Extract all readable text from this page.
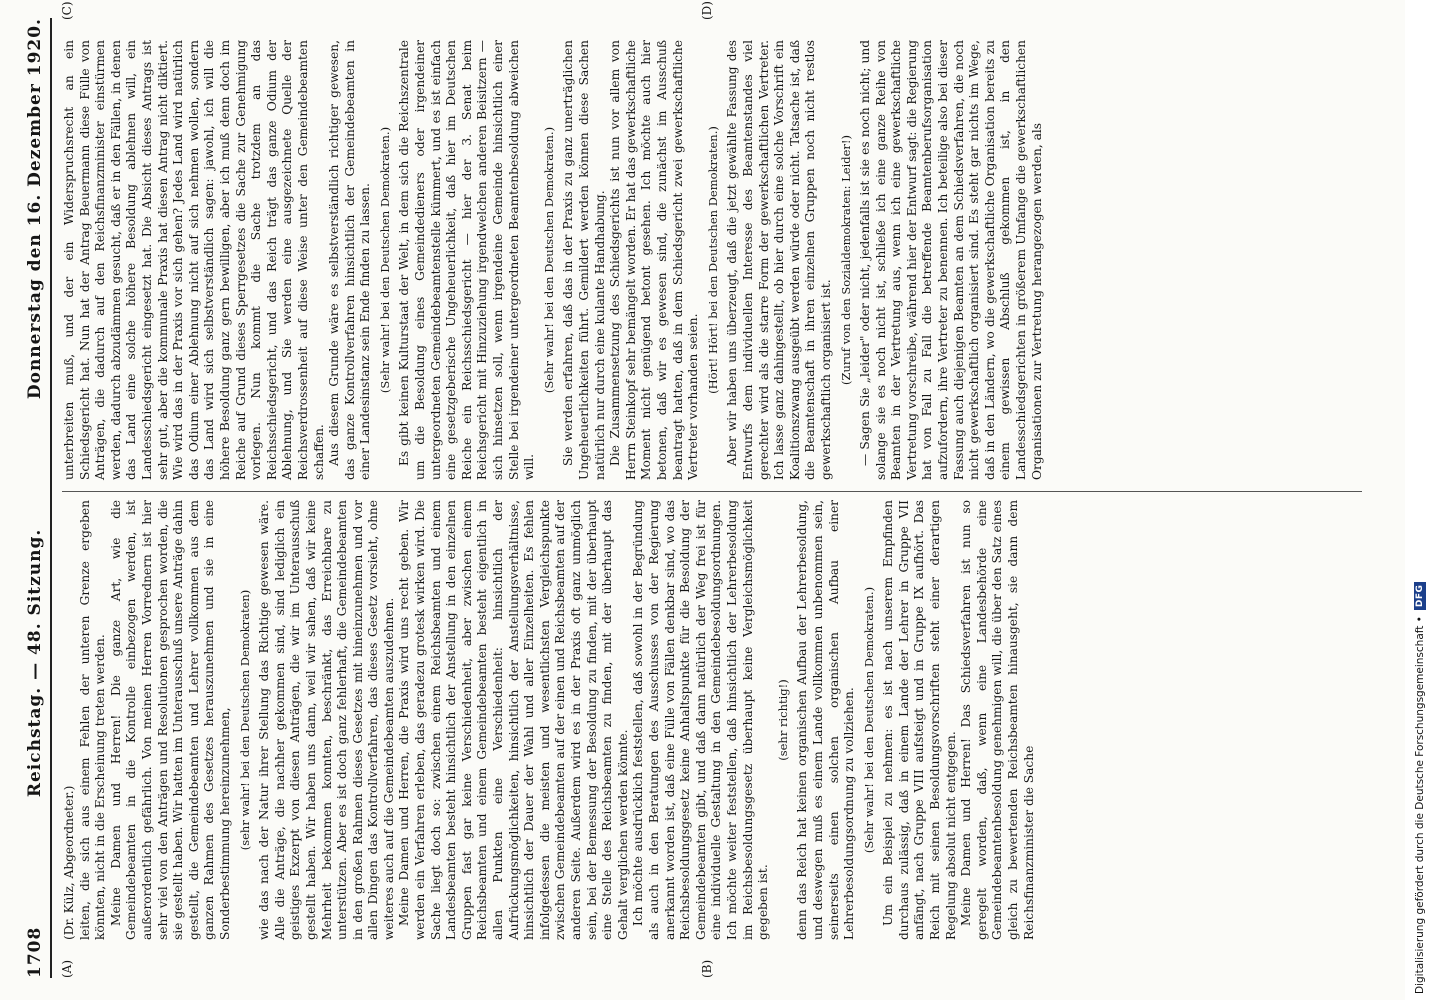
1708
Reichstag. — 48. Sitzung.
Donnerstag den 16. Dezember 1920.
(A)	(B)
(C)	(D)

(Dr. Külz, Abgeordneter.) leiten, die sich aus einem Fehlen der unteren Grenze ergeben könnten, nicht in die Erscheinung treten werden. Meine Damen und Herren! Die ganze Art, wie die Gemeindebeamten in die Kontrolle einbezogen werden, ist außerordentlich gefährlich. Von meinen Herren Vorrednern ist hier sehr viel von den Anträgen und Resolutionen gesprochen worden, die sie gestellt haben. Wir hatten im Unterausschuß unsere Anträge dahin gestellt, die Gemeindebeamten und Lehrer vollkommen aus dem ganzen Rahmen des Gesetzes herauszunehmen und sie in eine Sonderbestimmung hereinzunehmen, (sehr wahr! bei den Deutschen Demokraten) wie das nach der Natur ihrer Stellung das Richtige gewesen wäre. Alle die Anträge, die nachher gekommen sind, sind lediglich ein geistiges Exzerpt von diesen Anträgen, die wir im Unterausschuß gestellt haben. Wir haben uns dann, weil wir sahen, daß wir keine Mehrheit bekommen konnten, beschränkt, das Erreichbare zu unterstützen. Aber es ist doch ganz fehlerhaft, die Gemeindebeamten in den großen Rahmen dieses Gesetzes mit hineinzunehmen und vor allen Dingen das Kontrollverfahren, das dieses Gesetz vorsieht, ohne weiteres auch auf die Gemeindebeamten auszudehnen. Meine Damen und Herren, die Praxis wird uns recht geben. Wir werden ein Verfahren erleben, das geradezu grotesk wirken wird. Die Sache liegt doch so: zwischen einem Reichsbeamten und einem Landesbeamten besteht hinsichtlich der Anstellung in den einzelnen Gruppen fast gar keine Verschiedenheit, aber zwischen einem Reichsbeamten und einem Gemeindebeamten besteht eigentlich in allen Punkten eine Verschiedenheit: hinsichtlich der Aufrückungsmöglichkeiten, hinsichtlich der Anstellungsverhältnisse, hinsichtlich der Dauer der Wahl und aller Einzelheiten. Es fehlen infolgedessen die meisten und wesentlichsten Vergleichspunkte zwischen Gemeindebeamten auf der einen und Reichsbeamten auf der anderen Seite. Außerdem wird es in der Praxis oft ganz unmöglich sein, bei der Bemessung der Besoldung zu finden, mit der überhaupt eine Stelle des Reichsbeamten zu finden, mit der überhaupt das Gehalt verglichen werden könnte. Ich möchte ausdrücklich feststellen, daß sowohl in der Begründung als auch in den Beratungen des Ausschusses von der Regierung anerkannt worden ist, daß eine Fülle von Fällen denkbar sind, wo das Reichsbesoldungsgesetz keine Anhaltspunkte für die Besoldung der Gemeindebeamten gibt, und daß dann natürlich der Weg frei ist für eine individuelle Gestaltung in den Gemeindebesoldungsordnungen. Ich möchte weiter feststellen, daß hinsichtlich der Lehrerbesoldung im Reichsbesoldungsgesetz überhaupt keine Vergleichsmöglichkeit gegeben ist.

(sehr richtig!) denn das Reich hat keinen organischen Aufbau der Lehrerbesoldung, und deswegen muß es einem Lande vollkommen unbenommen sein, seinerseits einen solchen organischen Aufbau einer Lehrerbesoldungsordnung zu vollziehen. (Sehr wahr! bei den Deutschen Demokraten.) Um ein Beispiel zu nehmen: es ist nach unserem Empfinden durchaus zulässig, daß in einem Lande der Lehrer in Gruppe VII anfängt, nach Gruppe VIII aufsteigt und in Gruppe IX aufhört. Das Reich mit seinen Besoldungsvorschriften steht einer derartigen Regelung absolut nicht entgegen. Meine Damen und Herren! Das Schiedsverfahren ist nun so geregelt worden, daß, wenn eine Landesbehörde eine Gemeindebeamtenbesoldung genehmigen will, die über den Satz eines gleich zu bewertenden Reichsbeamten hinausgeht, sie dann dem Reichsfinanzminister die Sache

unterbreiten muß, und der ein Widerspruchsrecht an ein Schiedsgericht hat. Nun hat der Antrag Beuermann diese Fülle von Anträgen, die dadurch auf den Reichsfinanzminister einstürmen werden, dadurch abzudämmen gesucht, daß er in den Fällen, in denen das Land eine solche höhere Besoldung ablehnen will, ein Landesschiedsgericht eingesetzt hat. Die Absicht dieses Antrags ist sehr gut, aber die kommunale Praxis hat diesen Antrag nicht diktiert. Wie wird das in der Praxis vor sich gehen? Jedes Land wird natürlich das Odium einer Ablehnung nicht auf sich nehmen wollen, sondern das Land wird sich selbstverständlich sagen: jawohl, ich will die höhere Besoldung ganz gern bewilligen, aber ich muß denn doch im Reiche auf Grund dieses Sperrgesetzes die Sache zur Genehmigung vorlegen. Nun kommt die Sache trotzdem an das Reichsschiedsgericht, und das Reich trägt das ganze Odium der Ablehnung, und Sie werden eine ausgezeichnete Quelle der Reichsverdrossenheit auf diese Weise unter den Gemeindebeamten schaffen. Aus diesem Grunde wäre es selbstverständlich richtiger gewesen, das ganze Kontrollverfahren hinsichtlich der Gemeindebeamten in einer Landesinstanz sein Ende finden zu lassen. (Sehr wahr! bei den Deutschen Demokraten.) Es gibt keinen Kulturstaat der Welt, in dem sich die Reichszentrale um die Besoldung eines Gemeindedieners oder irgendeiner untergeordneten Gemeindebeamtenstelle kümmert, und es ist einfach eine gesetzgeberische Ungeheuerlichkeit, daß hier im Deutschen Reiche ein Reichsschiedsgericht — hier der 3. Senat beim Reichsgericht mit Hinzuziehung irgendwelchen anderen Beisitzern — sich hinsetzen soll, wenn irgendeine Gemeinde hinsichtlich einer Stelle bei irgendeiner untergeordneten Beamtenbesoldung abweichen will.

(Sehr wahr! bei den Deutschen Demokraten.) Sie werden erfahren, daß das in der Praxis zu ganz unerträglichen Ungeheuerlichkeiten führt. Gemildert werden können diese Sachen natürlich nur durch eine kulante Handhabung. Die Zusammensetzung des Schiedsgerichts ist nun vor allem von Herrn Steinkopf sehr bemängelt worden. Er hat das gewerkschaftliche Moment nicht genügend betont gesehen. Ich möchte auch hier betonen, daß wir es gewesen sind, die zunächst im Ausschuß beantragt hatten, daß in dem Schiedsgericht zwei gewerkschaftliche Vertreter vorhanden seien.

(Hört! Hört! bei den Deutschen Demokraten.) Aber wir haben uns überzeugt, daß die jetzt gewählte Fassung des Entwurfs dem individuellen Interesse des Beamtenstandes viel gerechter wird als die starre Form der gewerkschaftlichen Vertreter. Ich lasse ganz dahingestellt, ob hier durch eine solche Vorschrift ein Koalitionszwang ausgeübt werden würde oder nicht. Tatsache ist, daß die Beamtenschaft in ihren einzelnen Gruppen noch nicht restlos gewerkschaftlich organisiert ist. (Zuruf von den Sozialdemokraten: Leider!) — Sagen Sie „leider" oder nicht, jedenfalls ist sie es noch nicht; und solange sie es noch nicht ist, schließe ich eine ganze Reihe von Beamten in der Vertretung aus, wenn ich eine gewerkschaftliche Vertretung vorschreibe, während hier der Entwurf sagt: die Regierung hat von Fall zu Fall die betreffende Beamtenberufsorganisation aufzufordern, ihre Vertreter zu benennen. Ich beteilige also bei dieser Fassung auch diejenigen Beamten an dem Schiedsverfahren, die noch nicht gewerkschaftlich organisiert sind. Es steht gar nichts im Wege, daß in den Ländern, wo die gewerkschaftliche Organisation bereits zu einem gewissen Abschluß gekommen ist, in den Landesschiedsgerichten in größerem Umfange die gewerkschaftlichen Organisationen zur Vertretung herangezogen werden, als

Digitalisierung gefördert durch die Deutsche Forschungsgemeinschaft •
DFG
